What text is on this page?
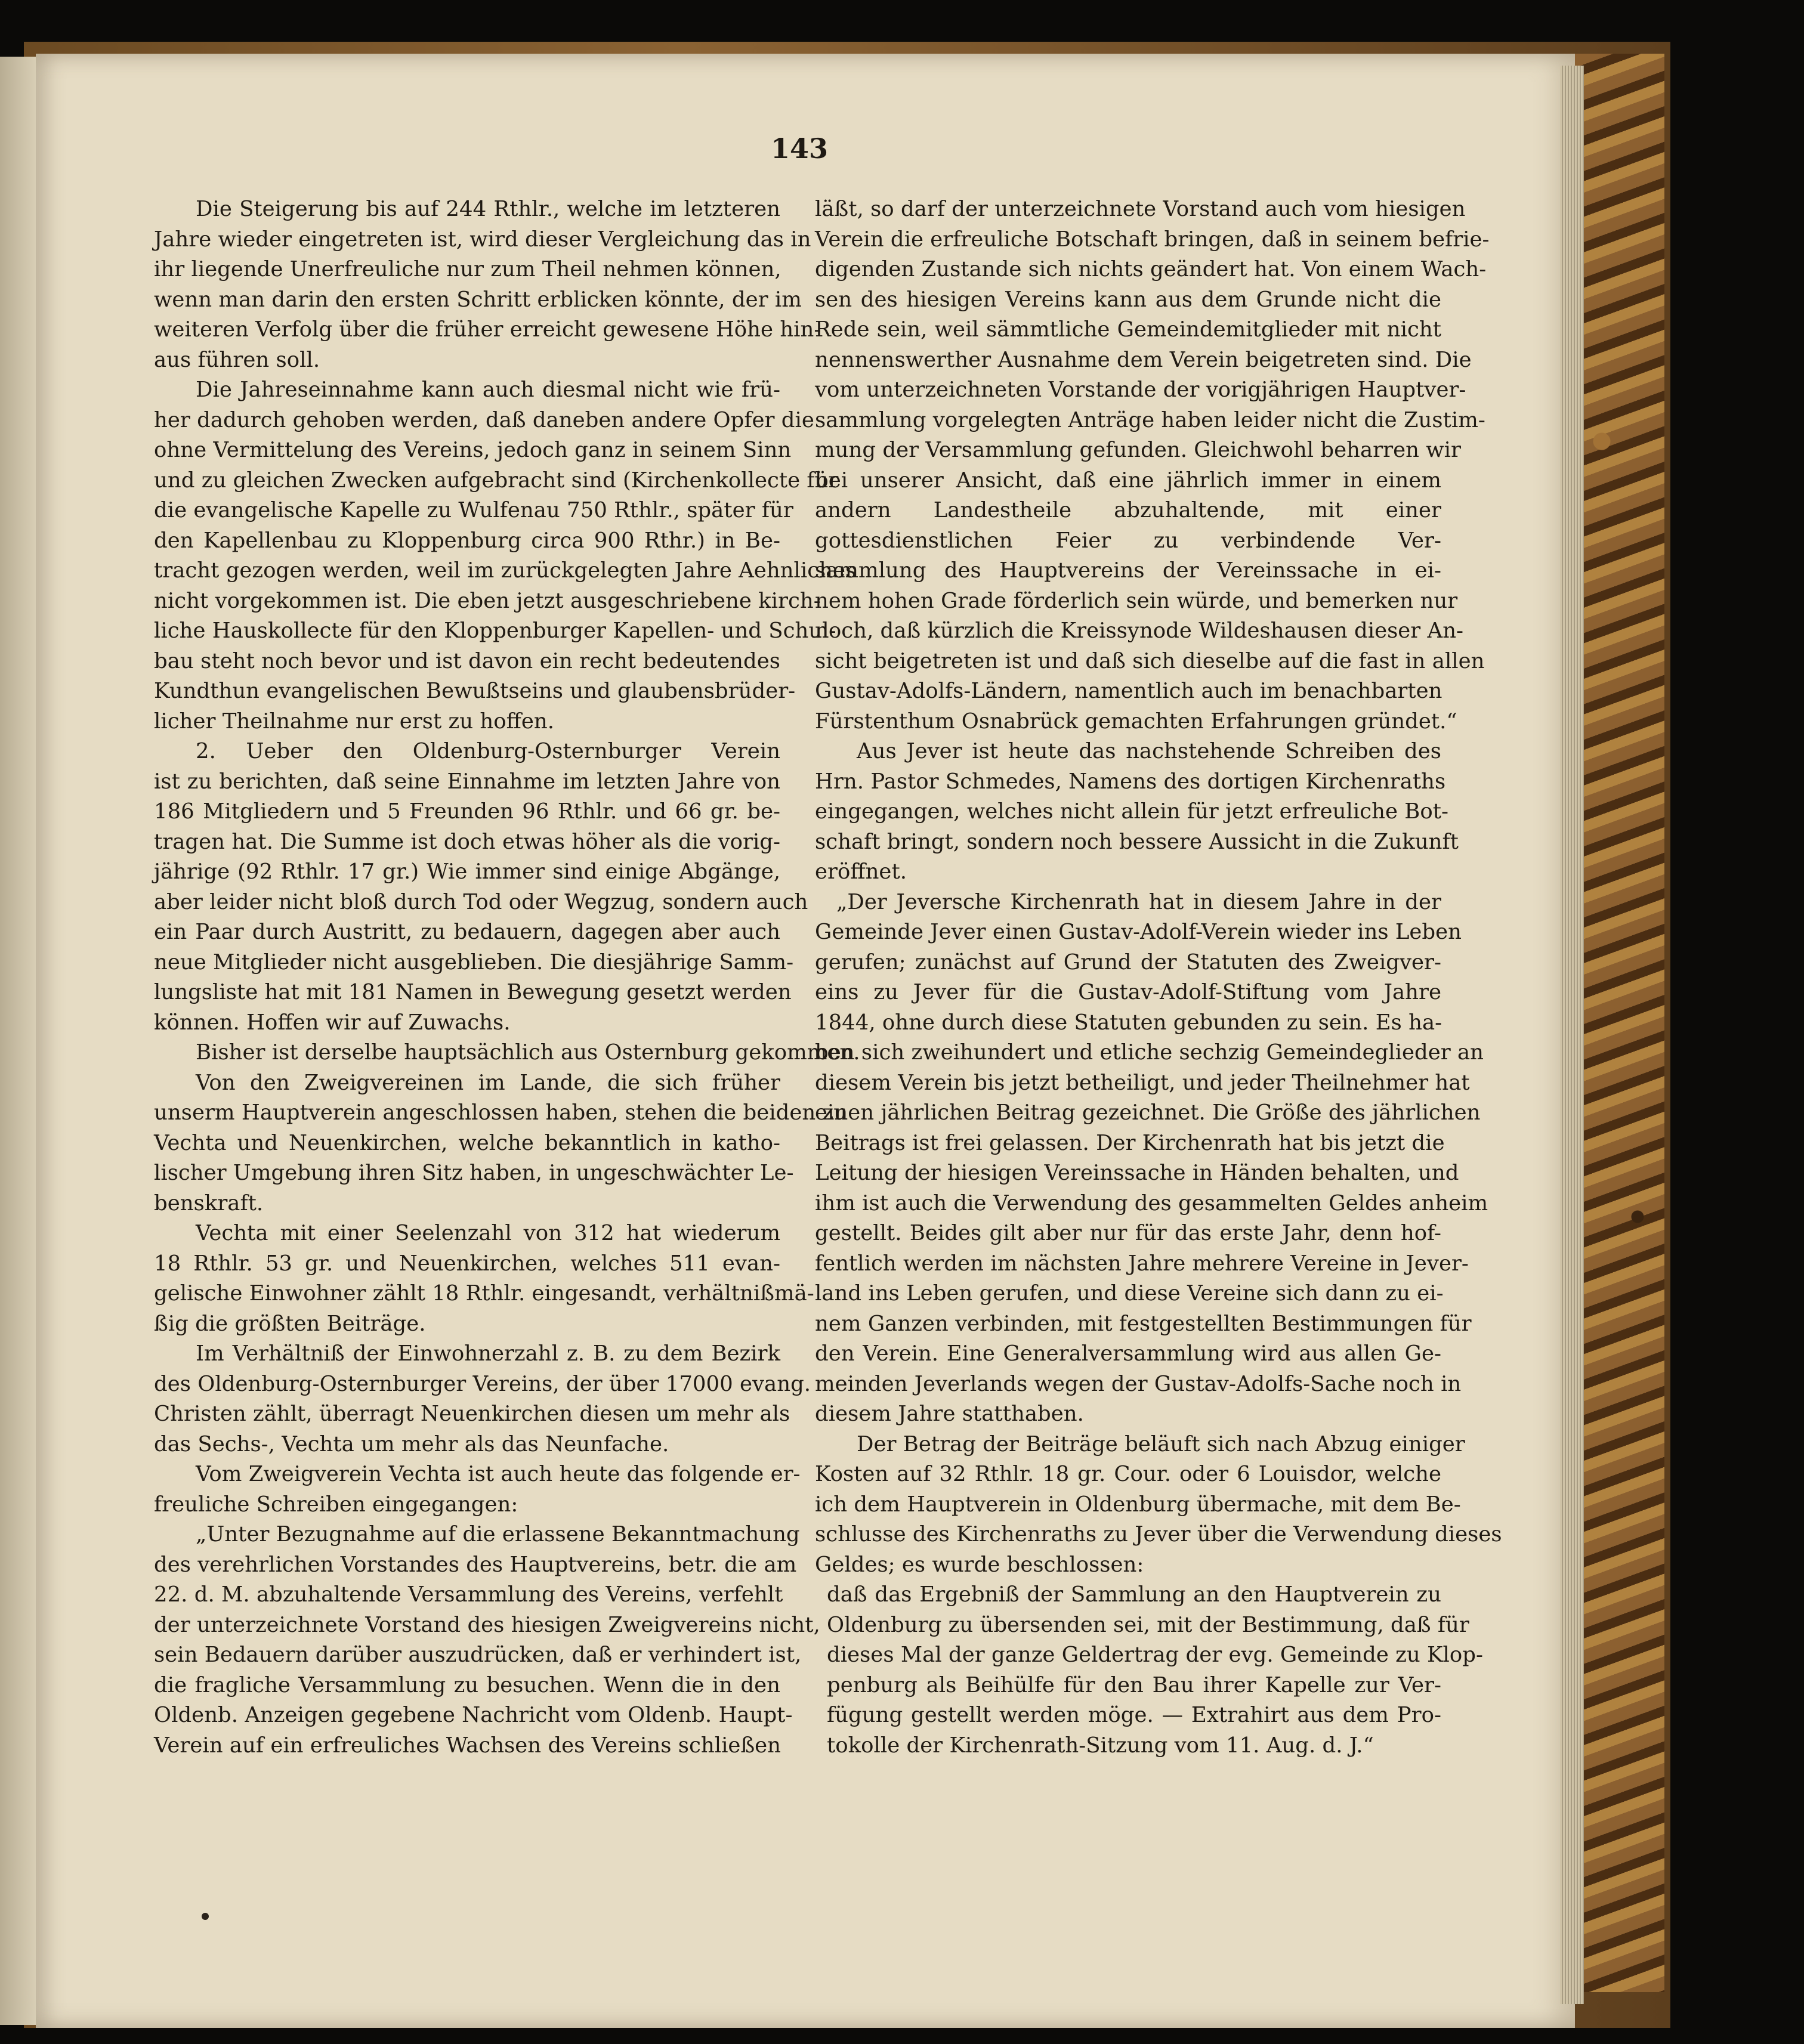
143
Die Steigerung bis auf 244 Rthlr., welche im letzteren
Jahre wieder eingetreten ist, wird dieser Vergleichung das in
ihr liegende Unerfreuliche nur zum Theil nehmen können,
wenn man darin den ersten Schritt erblicken könnte, der im
weiteren Verfolg über die früher erreicht gewesene Höhe hin-
aus führen soll.
Die Jahreseinnahme kann auch diesmal nicht wie frü-
her dadurch gehoben werden, daß daneben andere Opfer die
ohne Vermittelung des Vereins, jedoch ganz in seinem Sinn
und zu gleichen Zwecken aufgebracht sind (Kirchenkollecte für
die evangelische Kapelle zu Wulfenau 750 Rthlr., später für
den Kapellenbau zu Kloppenburg circa 900 Rthr.) in Be-
tracht gezogen werden, weil im zurückgelegten Jahre Aehnliches
nicht vorgekommen ist. Die eben jetzt ausgeschriebene kirch-
liche Hauskollecte für den Kloppenburger Kapellen- und Schul-
bau steht noch bevor und ist davon ein recht bedeutendes
Kundthun evangelischen Bewußtseins und glaubensbrüder-
licher Theilnahme nur erst zu hoffen.
2. Ueber den Oldenburg-Osternburger Verein
ist zu berichten, daß seine Einnahme im letzten Jahre von
186 Mitgliedern und 5 Freunden 96 Rthlr. und 66 gr. be-
tragen hat. Die Summe ist doch etwas höher als die vorig-
jährige (92 Rthlr. 17 gr.) Wie immer sind einige Abgänge,
aber leider nicht bloß durch Tod oder Wegzug, sondern auch
ein Paar durch Austritt, zu bedauern, dagegen aber auch
neue Mitglieder nicht ausgeblieben. Die diesjährige Samm-
lungsliste hat mit 181 Namen in Bewegung gesetzt werden
können. Hoffen wir auf Zuwachs.
Bisher ist derselbe hauptsächlich aus Osternburg gekommen.
Von den Zweigvereinen im Lande, die sich früher
unserm Hauptverein angeschlossen haben, stehen die beiden zu
Vechta und Neuenkirchen, welche bekanntlich in katho-
lischer Umgebung ihren Sitz haben, in ungeschwächter Le-
benskraft.
Vechta mit einer Seelenzahl von 312 hat wiederum
18 Rthlr. 53 gr. und Neuenkirchen, welches 511 evan-
gelische Einwohner zählt 18 Rthlr. eingesandt, verhältnißmä-
ßig die größten Beiträge.
Im Verhältniß der Einwohnerzahl z. B. zu dem Bezirk
des Oldenburg-Osternburger Vereins, der über 17000 evang.
Christen zählt, überragt Neuenkirchen diesen um mehr als
das Sechs-, Vechta um mehr als das Neunfache.
Vom Zweigverein Vechta ist auch heute das folgende er-
freuliche Schreiben eingegangen:
„Unter Bezugnahme auf die erlassene Bekanntmachung
des verehrlichen Vorstandes des Hauptvereins, betr. die am
22. d. M. abzuhaltende Versammlung des Vereins, verfehlt
der unterzeichnete Vorstand des hiesigen Zweigvereins nicht,
sein Bedauern darüber auszudrücken, daß er verhindert ist,
die fragliche Versammlung zu besuchen. Wenn die in den
Oldenb. Anzeigen gegebene Nachricht vom Oldenb. Haupt-
Verein auf ein erfreuliches Wachsen des Vereins schließen
läßt, so darf der unterzeichnete Vorstand auch vom hiesigen
Verein die erfreuliche Botschaft bringen, daß in seinem befrie-
digenden Zustande sich nichts geändert hat. Von einem Wach-
sen des hiesigen Vereins kann aus dem Grunde nicht die
Rede sein, weil sämmtliche Gemeindemitglieder mit nicht
nennenswerther Ausnahme dem Verein beigetreten sind. Die
vom unterzeichneten Vorstande der vorigjährigen Hauptver-
sammlung vorgelegten Anträge haben leider nicht die Zustim-
mung der Versammlung gefunden. Gleichwohl beharren wir
bei unserer Ansicht, daß eine jährlich immer in einem
andern Landestheile abzuhaltende, mit einer
gottesdienstlichen Feier zu verbindende Ver-
sammlung des Hauptvereins der Vereinssache in ei-
nem hohen Grade förderlich sein würde, und bemerken nur
noch, daß kürzlich die Kreissynode Wildeshausen dieser An-
sicht beigetreten ist und daß sich dieselbe auf die fast in allen
Gustav-Adolfs-Ländern, namentlich auch im benachbarten
Fürstenthum Osnabrück gemachten Erfahrungen gründet.“
Aus Jever ist heute das nachstehende Schreiben des
Hrn. Pastor Schmedes, Namens des dortigen Kirchenraths
eingegangen, welches nicht allein für jetzt erfreuliche Bot-
schaft bringt, sondern noch bessere Aussicht in die Zukunft
eröffnet.
„Der Jeversche Kirchenrath hat in diesem Jahre in der
Gemeinde Jever einen Gustav-Adolf-Verein wieder ins Leben
gerufen; zunächst auf Grund der Statuten des Zweigver-
eins zu Jever für die Gustav-Adolf-Stiftung vom Jahre
1844, ohne durch diese Statuten gebunden zu sein. Es ha-
ben sich zweihundert und etliche sechzig Gemeindeglieder an
diesem Verein bis jetzt betheiligt, und jeder Theilnehmer hat
einen jährlichen Beitrag gezeichnet. Die Größe des jährlichen
Beitrags ist frei gelassen. Der Kirchenrath hat bis jetzt die
Leitung der hiesigen Vereinssache in Händen behalten, und
ihm ist auch die Verwendung des gesammelten Geldes anheim
gestellt. Beides gilt aber nur für das erste Jahr, denn hof-
fentlich werden im nächsten Jahre mehrere Vereine in Jever-
land ins Leben gerufen, und diese Vereine sich dann zu ei-
nem Ganzen verbinden, mit festgestellten Bestimmungen für
den Verein. Eine Generalversammlung wird aus allen Ge-
meinden Jeverlands wegen der Gustav-Adolfs-Sache noch in
diesem Jahre statthaben.
Der Betrag der Beiträge beläuft sich nach Abzug einiger
Kosten auf 32 Rthlr. 18 gr. Cour. oder 6 Louisdor, welche
ich dem Hauptverein in Oldenburg übermache, mit dem Be-
schlusse des Kirchenraths zu Jever über die Verwendung dieses
Geldes; es wurde beschlossen:
daß das Ergebniß der Sammlung an den Hauptverein zu
Oldenburg zu übersenden sei, mit der Bestimmung, daß für
dieses Mal der ganze Geldertrag der evg. Gemeinde zu Klop-
penburg als Beihülfe für den Bau ihrer Kapelle zur Ver-
fügung gestellt werden möge. — Extrahirt aus dem Pro-
tokolle der Kirchenrath-Sitzung vom 11. Aug. d. J.“
